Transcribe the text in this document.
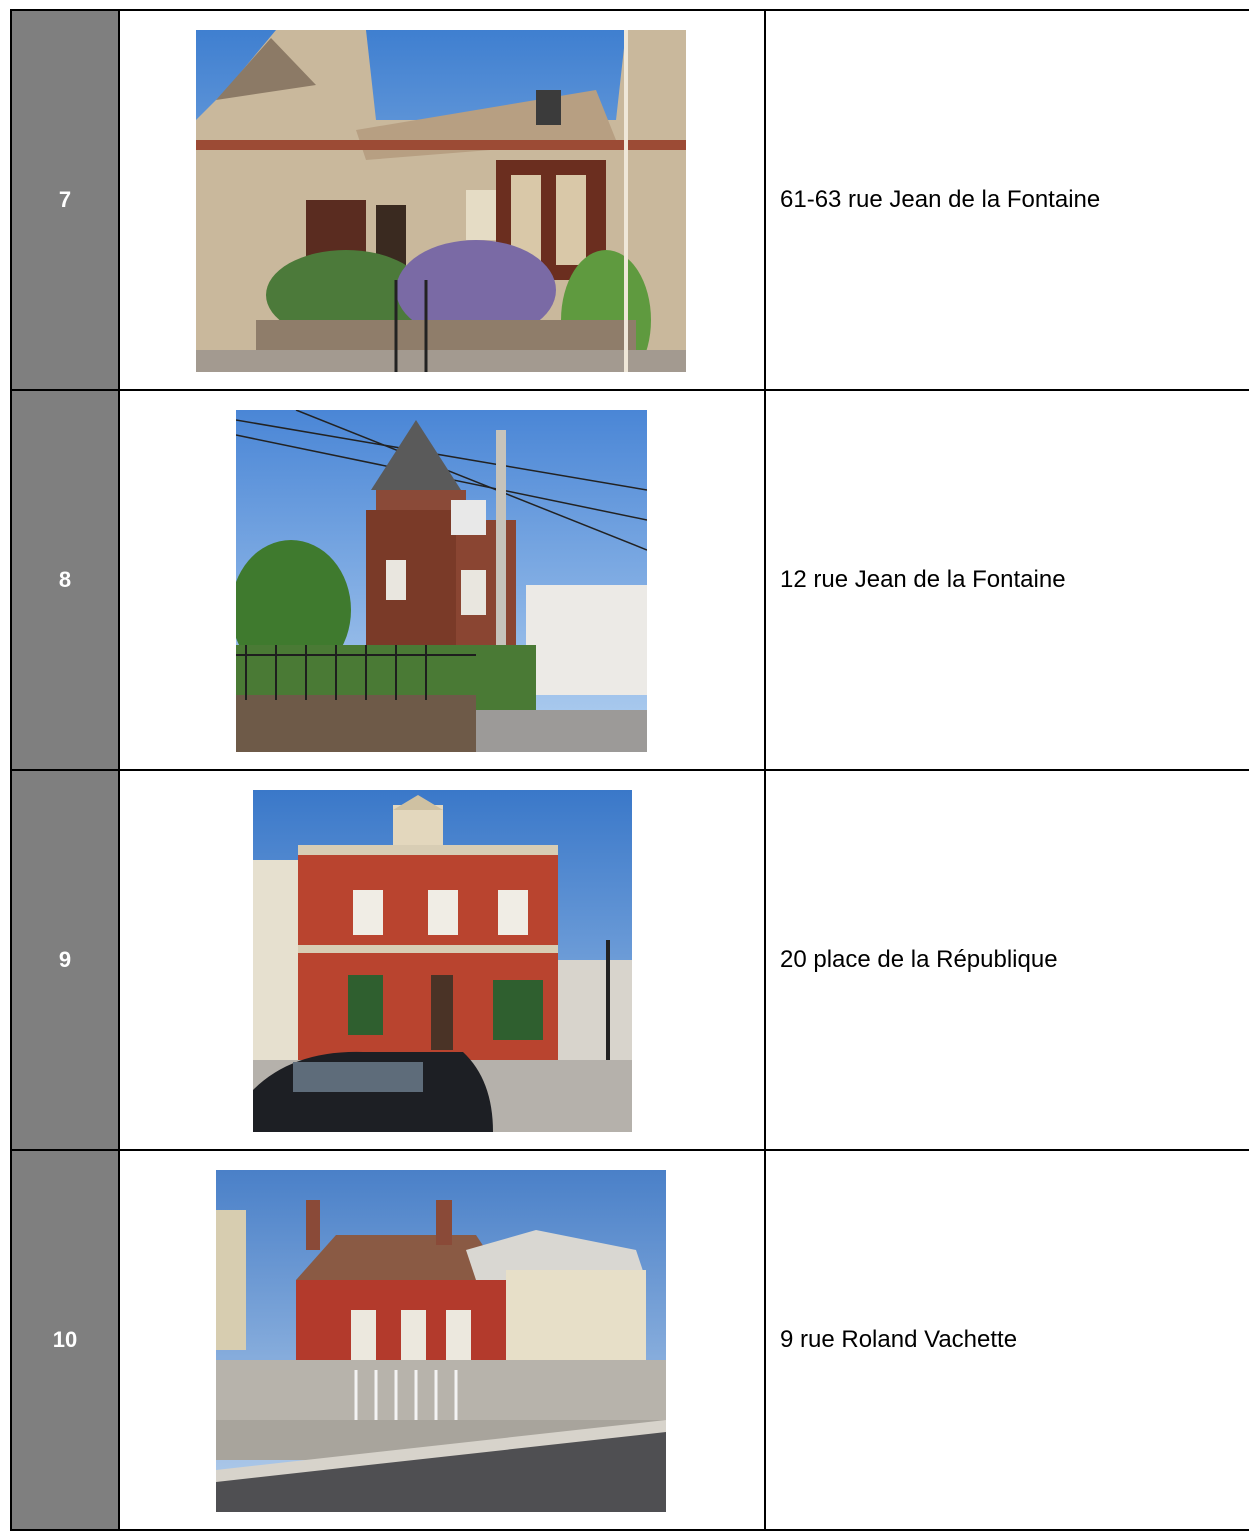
7		61-63 rue Jean de la Fontaine
8		12 rue Jean de la Fontaine
9		20 place de la République
10		9 rue Roland Vachette
